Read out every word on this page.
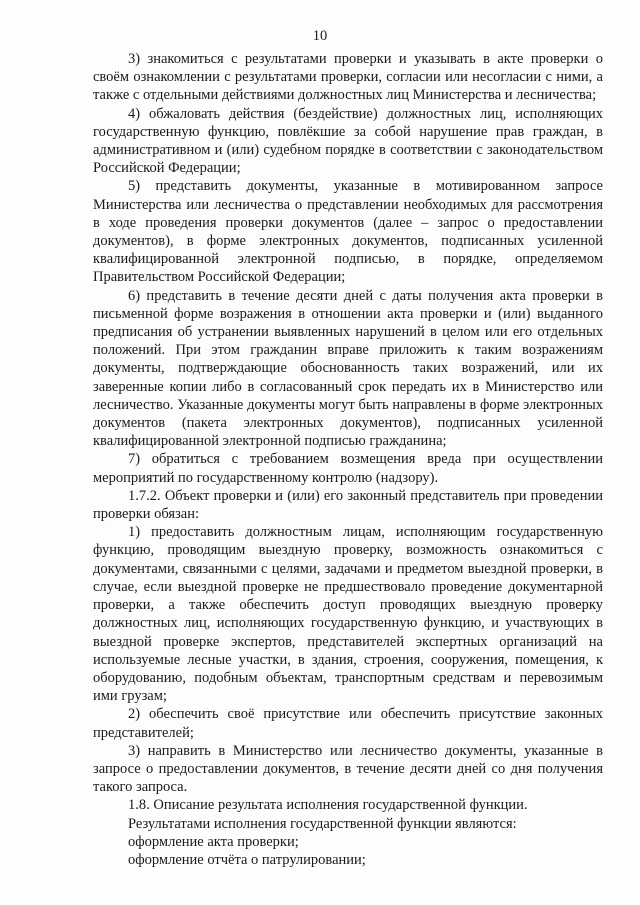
10

3) знакомиться с результатами проверки и указывать в акте проверки о своём ознакомлении с результатами проверки, согласии или несогласии с ними, а также с отдельными действиями должностных лиц Министерства и лесничества;

4) обжаловать действия (бездействие) должностных лиц, исполняющих государственную функцию, повлёкшие за собой нарушение прав граждан, в административном и (или) судебном порядке в соответствии с законодательством Российской Федерации;

5) представить документы, указанные в мотивированном запросе Министерства или лесничества о представлении необходимых для рассмотрения в ходе проведения проверки документов (далее – запрос о предоставлении документов), в форме электронных документов, подписанных усиленной квалифицированной электронной подписью, в порядке, определяемом Правительством Российской Федерации;

6) представить в течение десяти дней с даты получения акта проверки в письменной форме возражения в отношении акта проверки и (или) выданного предписания об устранении выявленных нарушений в целом или его отдельных положений. При этом гражданин вправе приложить к таким возражениям документы, подтверждающие обоснованность таких возражений, или их заверенные копии либо в согласованный срок передать их в Министерство или лесничество. Указанные документы могут быть направлены в форме электронных документов (пакета электронных документов), подписанных усиленной квалифицированной электронной подписью гражданина;

7) обратиться с требованием возмещения вреда при осуществлении мероприятий по государственному контролю (надзору).

1.7.2. Объект проверки и (или) его законный представитель при проведении проверки обязан:

1) предоставить должностным лицам, исполняющим государственную функцию, проводящим выездную проверку, возможность ознакомиться с документами, связанными с целями, задачами и предметом выездной проверки, в случае, если выездной проверке не предшествовало проведение документарной проверки, а также обеспечить доступ проводящих выездную проверку должностных лиц, исполняющих государственную функцию, и участвующих в выездной проверке экспертов, представителей экспертных организаций на используемые лесные участки, в здания, строения, сооружения, помещения, к оборудованию, подобным объектам, транспортным средствам и перевозимым ими грузам;

2) обеспечить своё присутствие или обеспечить присутствие законных представителей;

3) направить в Министерство или лесничество документы, указанные в запросе о предоставлении документов, в течение десяти дней со дня получения такого запроса.

1.8. Описание результата исполнения государственной функции.

Результатами исполнения государственной функции являются:

оформление акта проверки;

оформление отчёта о патрулировании;
